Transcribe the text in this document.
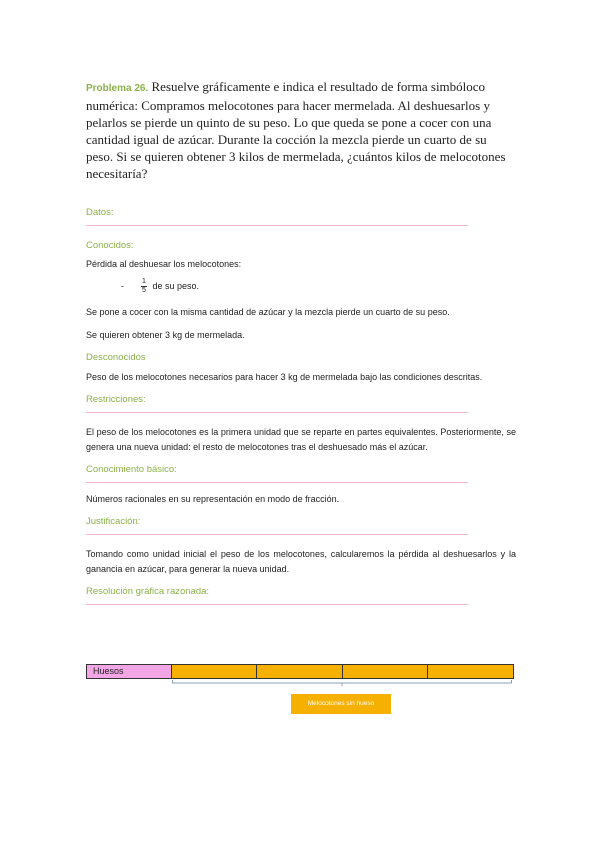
Problema 26. Resuelve gráficamente e indica el resultado de forma simbóloco numérica: Compramos melocotones para hacer mermelada. Al deshuesarlos y pelarlos se pierde un quinto de su peso. Lo que queda se pone a cocer con una cantidad igual de azúcar. Durante la cocción la mezcla pierde un cuarto de su peso. Si se quieren obtener 3 kilos de mermelada, ¿cuántos kilos de melocotones necesitaría?

Datos:

Conocidos:

Pérdida al deshuesar los melocotones:

- $\frac{1}{5}$ de su peso.

Se pone a cocer con la misma cantidad de azúcar y la mezcla pierde un cuarto de su peso.

Se quieren obtener 3 kg de mermelada.

Desconocidos

Peso de los melocotones necesarios para hacer 3 kg de mermelada bajo las condiciones descritas.

Restricciones:

El peso de los melocotones es la primera unidad que se reparte en partes equivalentes. Posteriormente, se genera una nueva unidad: el resto de melocotones tras el deshuesado más el azúcar.

Conocimiento básico:

Números racionales en su representación en modo de fracción.

Justificación:

Tomando como unidad inicial el peso de los melocotones, calcularemos la pérdida al deshuesarlos y la ganancia en azúcar, para generar la nueva unidad.

Resolución gráfica razonada:

Huesos
Melocotones sin hueso
